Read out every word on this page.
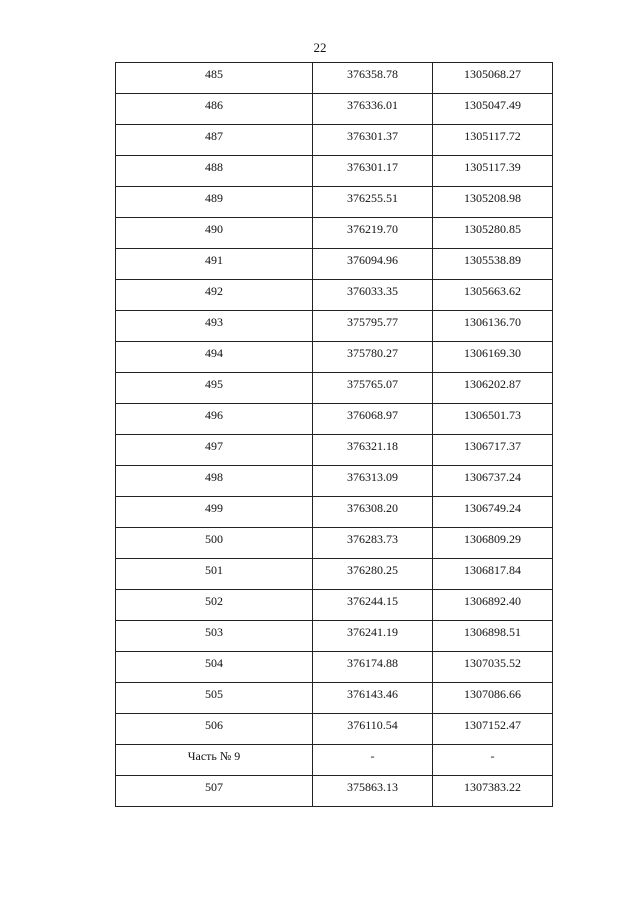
22
485	376358.78	1305068.27

486	376336.01	1305047.49

487	376301.37	1305117.72

488	376301.17	1305117.39

489	376255.51	1305208.98

490	376219.70	1305280.85

491	376094.96	1305538.89

492	376033.35	1305663.62

493	375795.77	1306136.70

494	375780.27	1306169.30

495	375765.07	1306202.87

496	376068.97	1306501.73

497	376321.18	1306717.37

498	376313.09	1306737.24

499	376308.20	1306749.24

500	376283.73	1306809.29

501	376280.25	1306817.84

502	376244.15	1306892.40

503	376241.19	1306898.51

504	376174.88	1307035.52

505	376143.46	1307086.66

506	376110.54	1307152.47

Часть № 9	-	-

507	375863.13	1307383.22
